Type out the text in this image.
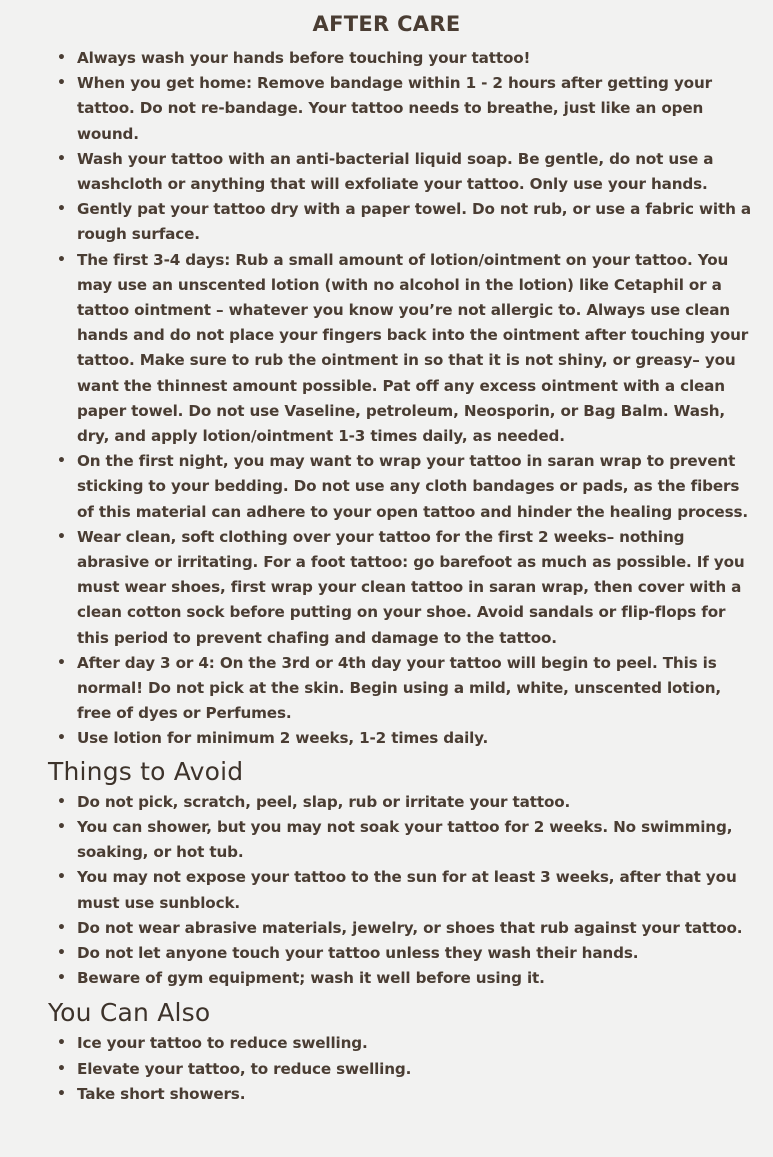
AFTER CARE
• Always wash your hands before touching your tattoo!
• When you get home: Remove bandage within 1 - 2 hours after getting your tattoo. Do not re-bandage. Your tattoo needs to breathe, just like an open wound.
• Wash your tattoo with an anti-bacterial liquid soap. Be gentle, do not use a washcloth or anything that will exfoliate your tattoo. Only use your hands.
• Gently pat your tattoo dry with a paper towel. Do not rub, or use a fabric with a rough surface.
• The first 3-4 days: Rub a small amount of lotion/ointment on your tattoo. You may use an unscented lotion (with no alcohol in the lotion) like Cetaphil or a tattoo ointment – whatever you know you’re not allergic to. Always use clean hands and do not place your fingers back into the ointment after touching your tattoo. Make sure to rub the ointment in so that it is not shiny, or greasy– you want the thinnest amount possible. Pat off any excess ointment with a clean paper towel. Do not use Vaseline, petroleum, Neosporin, or Bag Balm. Wash, dry, and apply lotion/ointment 1-3 times daily, as needed.
• On the first night, you may want to wrap your tattoo in saran wrap to prevent sticking to your bedding. Do not use any cloth bandages or pads, as the fibers of this material can adhere to your open tattoo and hinder the healing process.
• Wear clean, soft clothing over your tattoo for the first 2 weeks– nothing abrasive or irritating. For a foot tattoo: go barefoot as much as possible. If you must wear shoes, first wrap your clean tattoo in saran wrap, then cover with a clean cotton sock before putting on your shoe. Avoid sandals or flip-flops for this period to prevent chafing and damage to the tattoo.
• After day 3 or 4: On the 3rd or 4th day your tattoo will begin to peel. This is normal! Do not pick at the skin. Begin using a mild, white, unscented lotion, free of dyes or Perfumes.
• Use lotion for minimum 2 weeks, 1-2 times daily.
Things to Avoid
• Do not pick, scratch, peel, slap, rub or irritate your tattoo.
• You can shower, but you may not soak your tattoo for 2 weeks. No swimming, soaking, or hot tub.
• You may not expose your tattoo to the sun for at least 3 weeks, after that you must use sunblock.
• Do not wear abrasive materials, jewelry, or shoes that rub against your tattoo.
• Do not let anyone touch your tattoo unless they wash their hands.
• Beware of gym equipment; wash it well before using it.
You Can Also
• Ice your tattoo to reduce swelling.
• Elevate your tattoo, to reduce swelling.
• Take short showers.
